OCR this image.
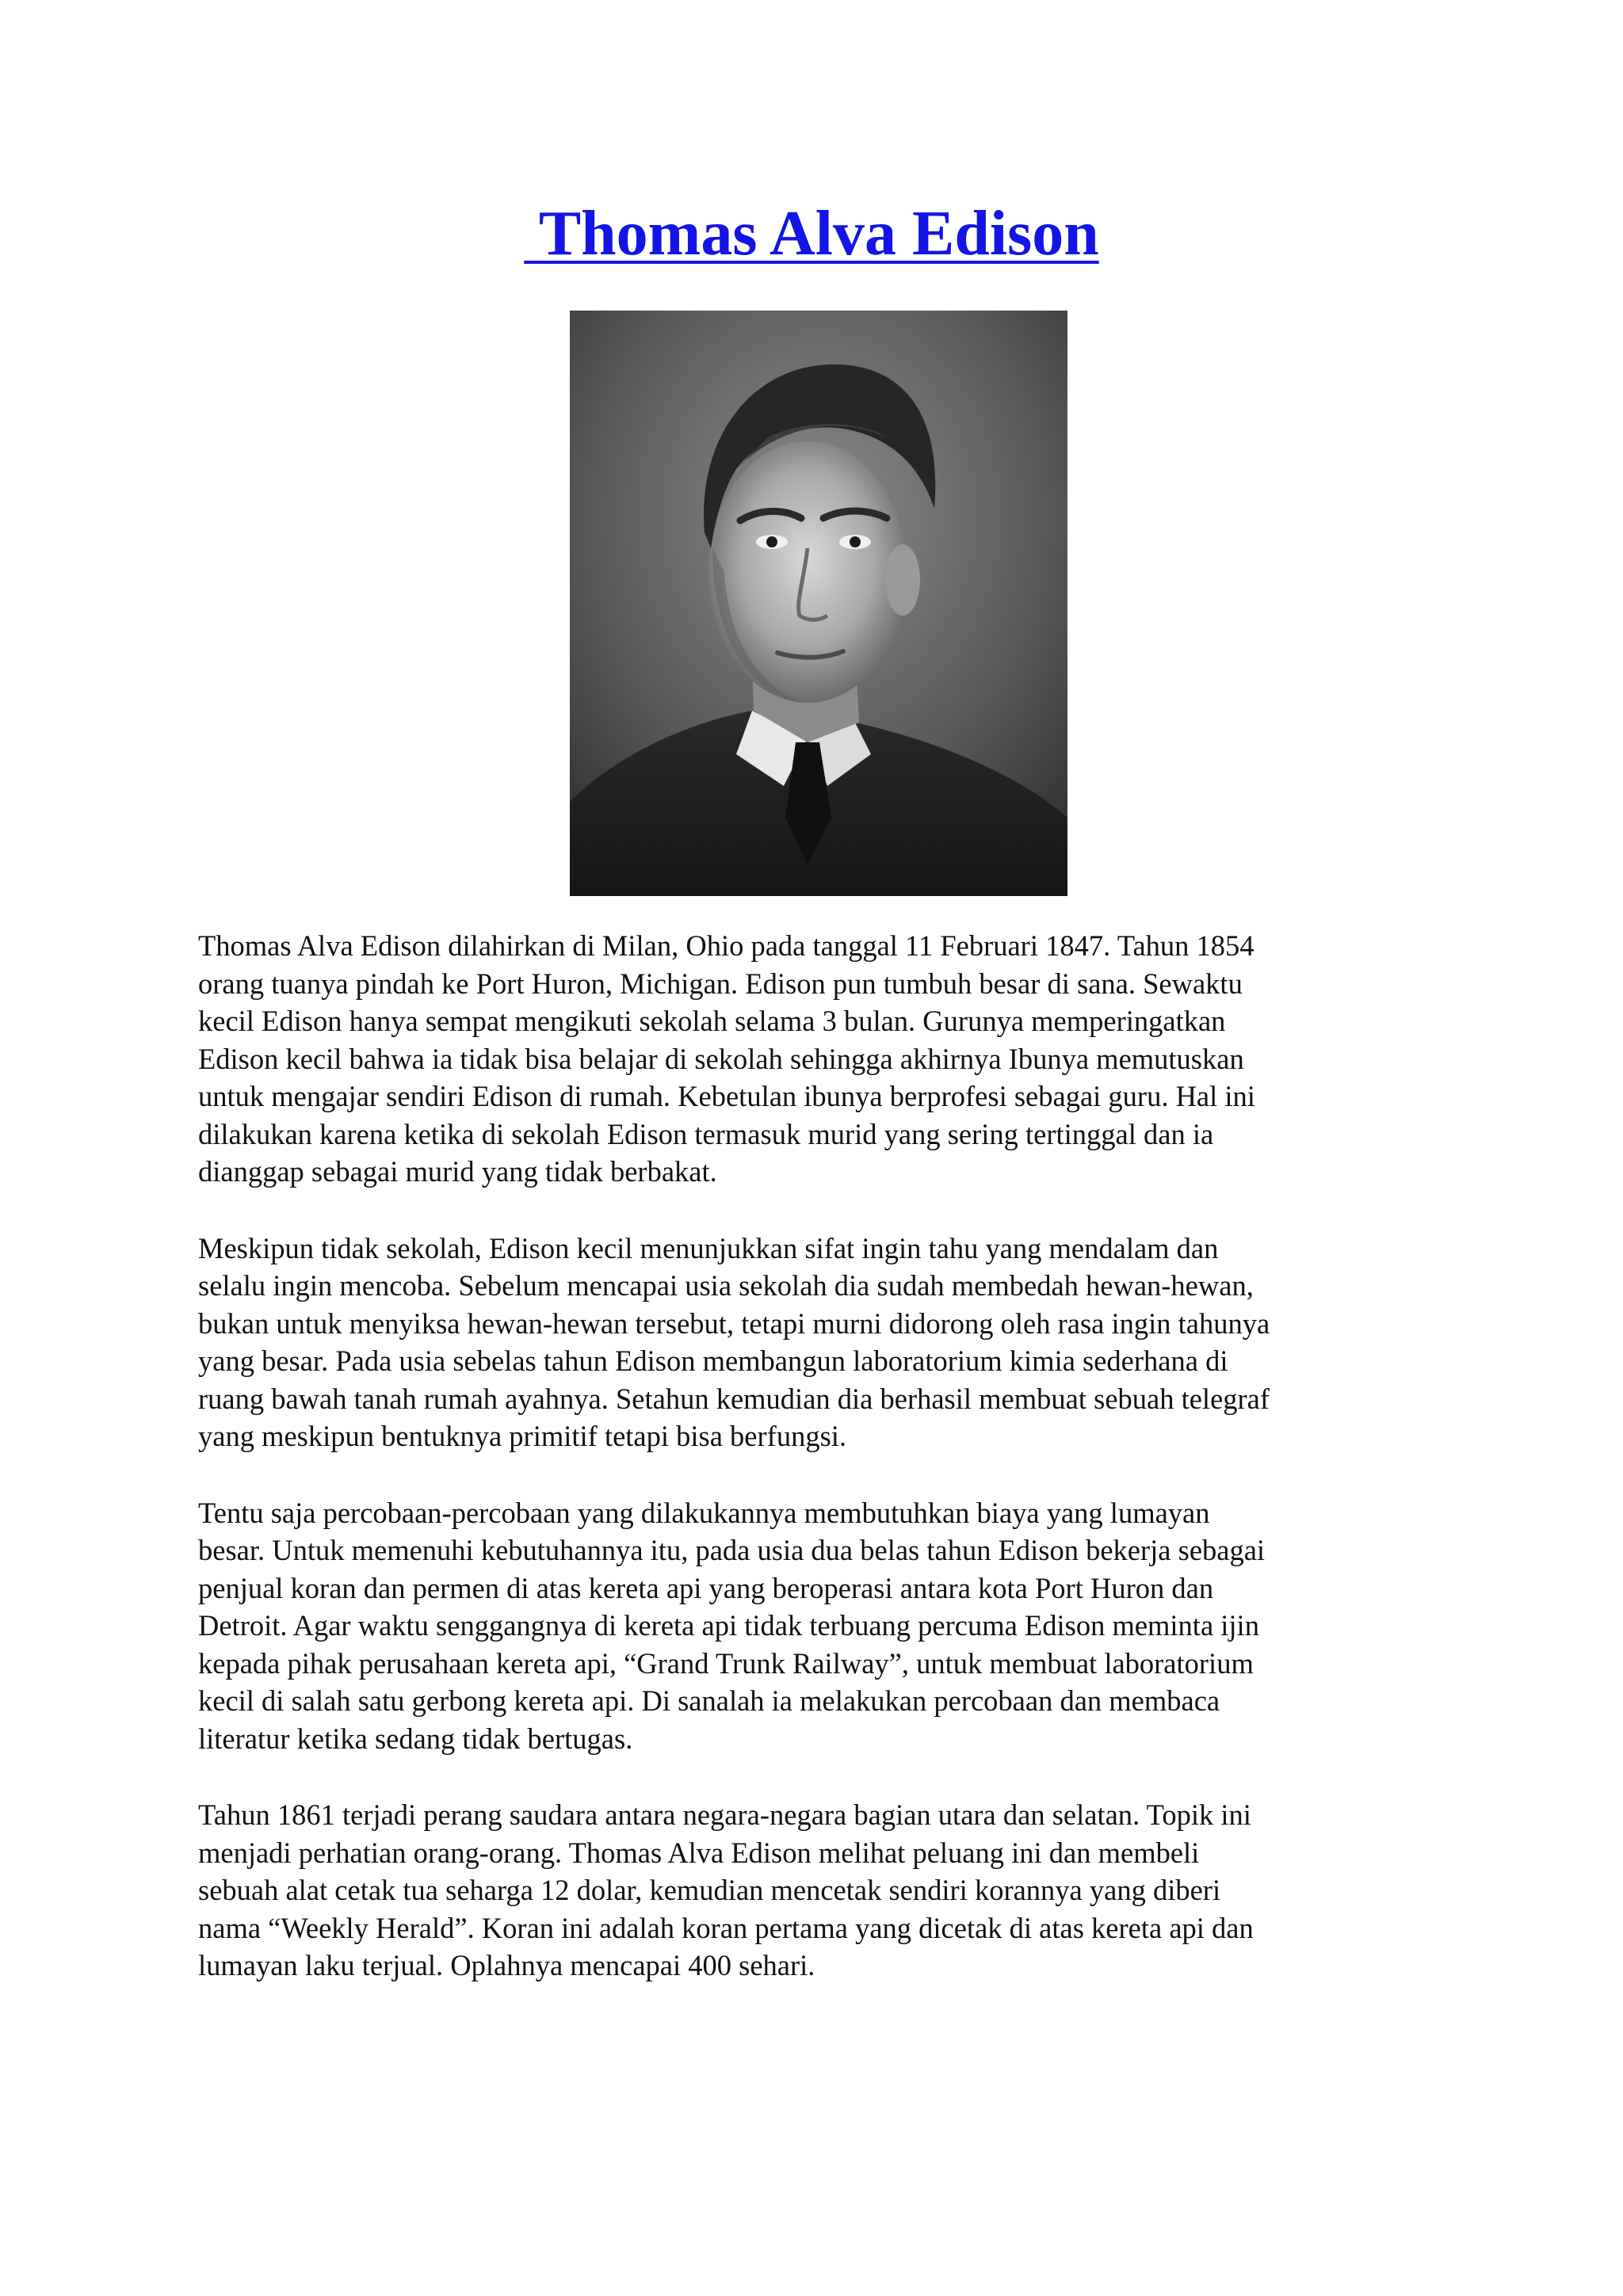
Thomas Alva Edison

Thomas Alva Edison dilahirkan di Milan, Ohio pada tanggal 11 Februari 1847. Tahun 1854
orang tuanya pindah ke Port Huron, Michigan. Edison pun tumbuh besar di sana. Sewaktu
kecil Edison hanya sempat mengikuti sekolah selama 3 bulan. Gurunya memperingatkan
Edison kecil bahwa ia tidak bisa belajar di sekolah sehingga akhirnya Ibunya memutuskan
untuk mengajar sendiri Edison di rumah. Kebetulan ibunya berprofesi sebagai guru. Hal ini
dilakukan karena ketika di sekolah Edison termasuk murid yang sering tertinggal dan ia
dianggap sebagai murid yang tidak berbakat.

Meskipun tidak sekolah, Edison kecil menunjukkan sifat ingin tahu yang mendalam dan
selalu ingin mencoba. Sebelum mencapai usia sekolah dia sudah membedah hewan-hewan,
bukan untuk menyiksa hewan-hewan tersebut, tetapi murni didorong oleh rasa ingin tahunya
yang besar. Pada usia sebelas tahun Edison membangun laboratorium kimia sederhana di
ruang bawah tanah rumah ayahnya. Setahun kemudian dia berhasil membuat sebuah telegraf
yang meskipun bentuknya primitif tetapi bisa berfungsi.

Tentu saja percobaan-percobaan yang dilakukannya membutuhkan biaya yang lumayan
besar. Untuk memenuhi kebutuhannya itu, pada usia dua belas tahun Edison bekerja sebagai
penjual koran dan permen di atas kereta api yang beroperasi antara kota Port Huron dan
Detroit. Agar waktu senggangnya di kereta api tidak terbuang percuma Edison meminta ijin
kepada pihak perusahaan kereta api, “Grand Trunk Railway”, untuk membuat laboratorium
kecil di salah satu gerbong kereta api. Di sanalah ia melakukan percobaan dan membaca
literatur ketika sedang tidak bertugas.

Tahun 1861 terjadi perang saudara antara negara-negara bagian utara dan selatan. Topik ini
menjadi perhatian orang-orang. Thomas Alva Edison melihat peluang ini dan membeli
sebuah alat cetak tua seharga 12 dolar, kemudian mencetak sendiri korannya yang diberi
nama “Weekly Herald”. Koran ini adalah koran pertama yang dicetak di atas kereta api dan
lumayan laku terjual. Oplahnya mencapai 400 sehari.
